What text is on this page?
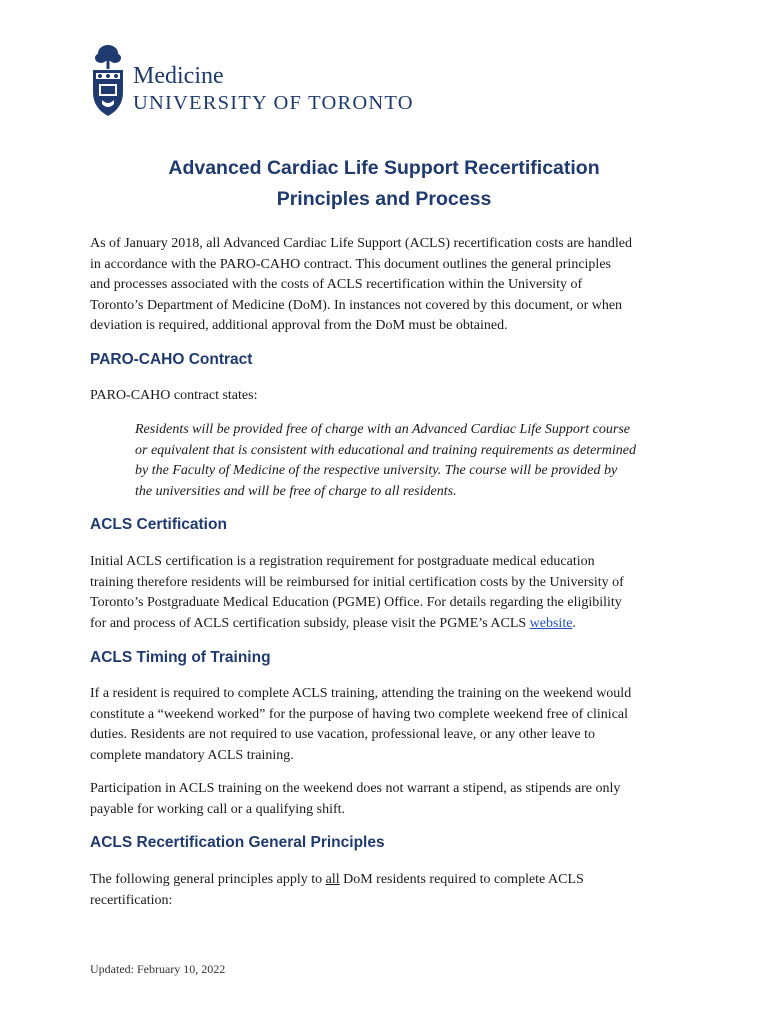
Medicine
UNIVERSITY OF TORONTO
Advanced Cardiac Life Support Recertification
Principles and Process
As of January 2018, all Advanced Cardiac Life Support (ACLS) recertification costs are handled
in accordance with the PARO-CAHO contract. This document outlines the general principles
and processes associated with the costs of ACLS recertification within the University of
Toronto’s Department of Medicine (DoM). In instances not covered by this document, or when
deviation is required, additional approval from the DoM must be obtained.
PARO-CAHO Contract
PARO-CAHO contract states:
Residents will be provided free of charge with an Advanced Cardiac Life Support course
or equivalent that is consistent with educational and training requirements as determined
by the Faculty of Medicine of the respective university. The course will be provided by
the universities and will be free of charge to all residents.
ACLS Certification
Initial ACLS certification is a registration requirement for postgraduate medical education
training therefore residents will be reimbursed for initial certification costs by the University of
Toronto’s Postgraduate Medical Education (PGME) Office. For details regarding the eligibility
for and process of ACLS certification subsidy, please visit the PGME’s ACLS website.
ACLS Timing of Training
If a resident is required to complete ACLS training, attending the training on the weekend would
constitute a “weekend worked” for the purpose of having two complete weekend free of clinical
duties. Residents are not required to use vacation, professional leave, or any other leave to
complete mandatory ACLS training.
Participation in ACLS training on the weekend does not warrant a stipend, as stipends are only
payable for working call or a qualifying shift.
ACLS Recertification General Principles
The following general principles apply to all DoM residents required to complete ACLS
recertification:
Updated: February 10, 2022
